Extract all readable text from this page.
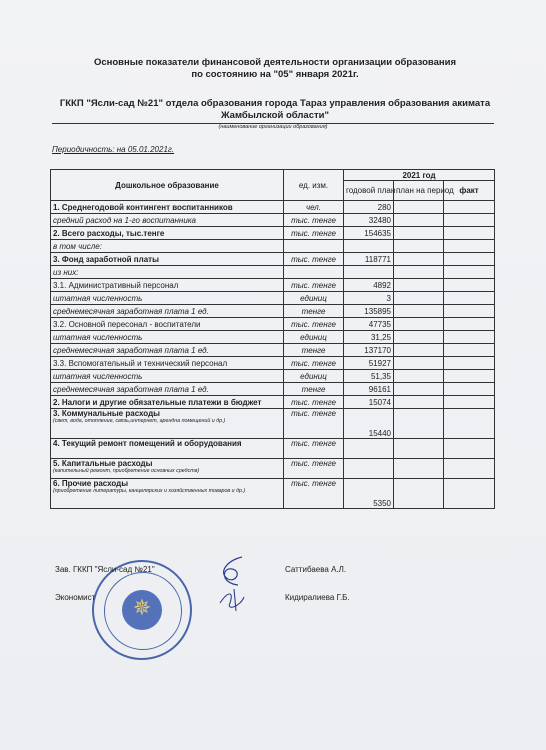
Основные показатели финансовой деятельности организации образования
по состоянию на "05" января 2021г.
ГККП "Ясли-сад №21" отдела образования города Тараз управления образования акимата
Жамбылской области"
(наименование организации образования)
Периодичность: на 05.01.2021г.
Дошкольное образование	ед. изм.	2021 год		
		годовой план	план на период	факт

1. Среднегодовой контингент воспитанников	чел.	280		
средний расход на 1-го воспитанника	тыс. тенге	32480		
2. Всего расходы, тыс.тенге	тыс. тенге	154635		
в том числе:				
3. Фонд заработной платы	тыс. тенге	118771		
из них:				
3.1. Административный персонал	тыс. тенге	4892		
штатная численность	единиц	3		
среднемесячная заработная плата 1 ед.	тенге	135895		
3.2. Основной пересонал - воспитатели	тыс. тенге	47735		
штатная численность	единиц	31,25		
среднемесячная заработная плата 1 ед.	тенге	137170		
3.3. Вспомогательный и технический персонал	тыс. тенге	51927		
штатная численность	единиц	51,35		
среднемесячная заработная плата 1 ед.	тенге	96161		
2. Налоги и другие обязательные платежи в бюджет	тыс. тенге	15074		
3. Коммунальные расходы
(свет, вода, отопление, связь,интернет, арендна помещений и др.)	тыс. тенге	15440		
4. Текущий ремонт помещений и оборудования	тыс. тенге			
5. Капитальные расходы
(капительный ремонт, приобретение основных средств)	тыс. тенге			
6. Прочие расходы
(приобретение литературы, канцелярских и хозяйственных товаров и др.)	тыс. тенге	5350		
✵
Зав. ГККП "Ясли-сад №21"	Саттибаева А.Л.
Экономист	Кидиралиева Г.Б.
